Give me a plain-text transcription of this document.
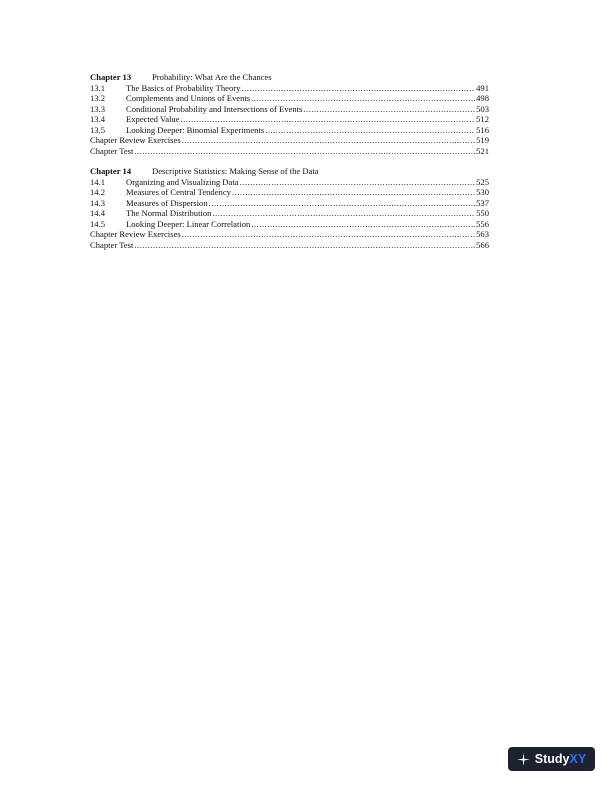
Chapter 13	Probability: What Are the Chances
13.1	The Basics of Probability Theory .....	491
13.2	Complements and Unions of Events .....	498
13.3	Conditional Probability and Intersections of Events .....	503
13.4	Expected Value .....	512
13.5	Looking Deeper: Binomial Experiments .....	516
Chapter Review Exercises .....	519
Chapter Test .....	521
Chapter 14	Descriptive Statistics: Making Sense of the Data
14.1	Organizing and Visualizing Data .....	525
14.2	Measures of Central Tendency .....	530
14.3	Measures of Dispersion .....	537
14.4	The Normal Distribution .....	550
14.5	Looking Deeper: Linear Correlation .....	556
Chapter Review Exercises .....	563
Chapter Test .....	566
Study XY
